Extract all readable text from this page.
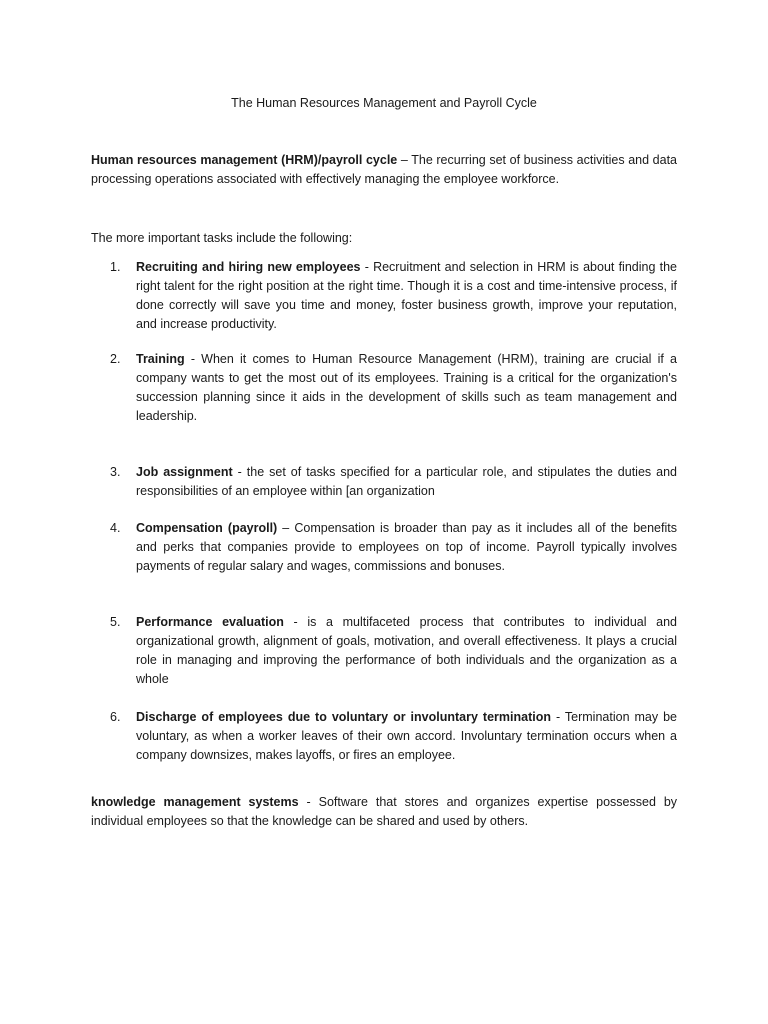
The Human Resources Management and Payroll Cycle
Human resources management (HRM)/payroll cycle – The recurring set of business activities and data processing operations associated with effectively managing the employee workforce.
The more important tasks include the following:
1.	Recruiting and hiring new employees - Recruitment and selection in HRM is about finding the right talent for the right position at the right time. Though it is a cost and time-intensive process, if done correctly will save you time and money, foster business growth, improve your reputation, and increase productivity.
2.	Training - When it comes to Human Resource Management (HRM), training are crucial if a company wants to get the most out of its employees. Training is a critical for the organization's succession planning since it aids in the development of skills such as team management and leadership.
3.	Job assignment - the set of tasks specified for a particular role, and stipulates the duties and responsibilities of an employee within [an organization
4.	Compensation (payroll) – Compensation is broader than pay as it includes all of the benefits and perks that companies provide to employees on top of income. Payroll typically involves payments of regular salary and wages, commissions and bonuses.
5.	Performance evaluation - is a multifaceted process that contributes to individual and organizational growth, alignment of goals, motivation, and overall effectiveness. It plays a crucial role in managing and improving the performance of both individuals and the organization as a whole
6.	Discharge of employees due to voluntary or involuntary termination - Termination may be voluntary, as when a worker leaves of their own accord. Involuntary termination occurs when a company downsizes, makes layoffs, or fires an employee.
knowledge management systems - Software that stores and organizes expertise possessed by individual employees so that the knowledge can be shared and used by others.
